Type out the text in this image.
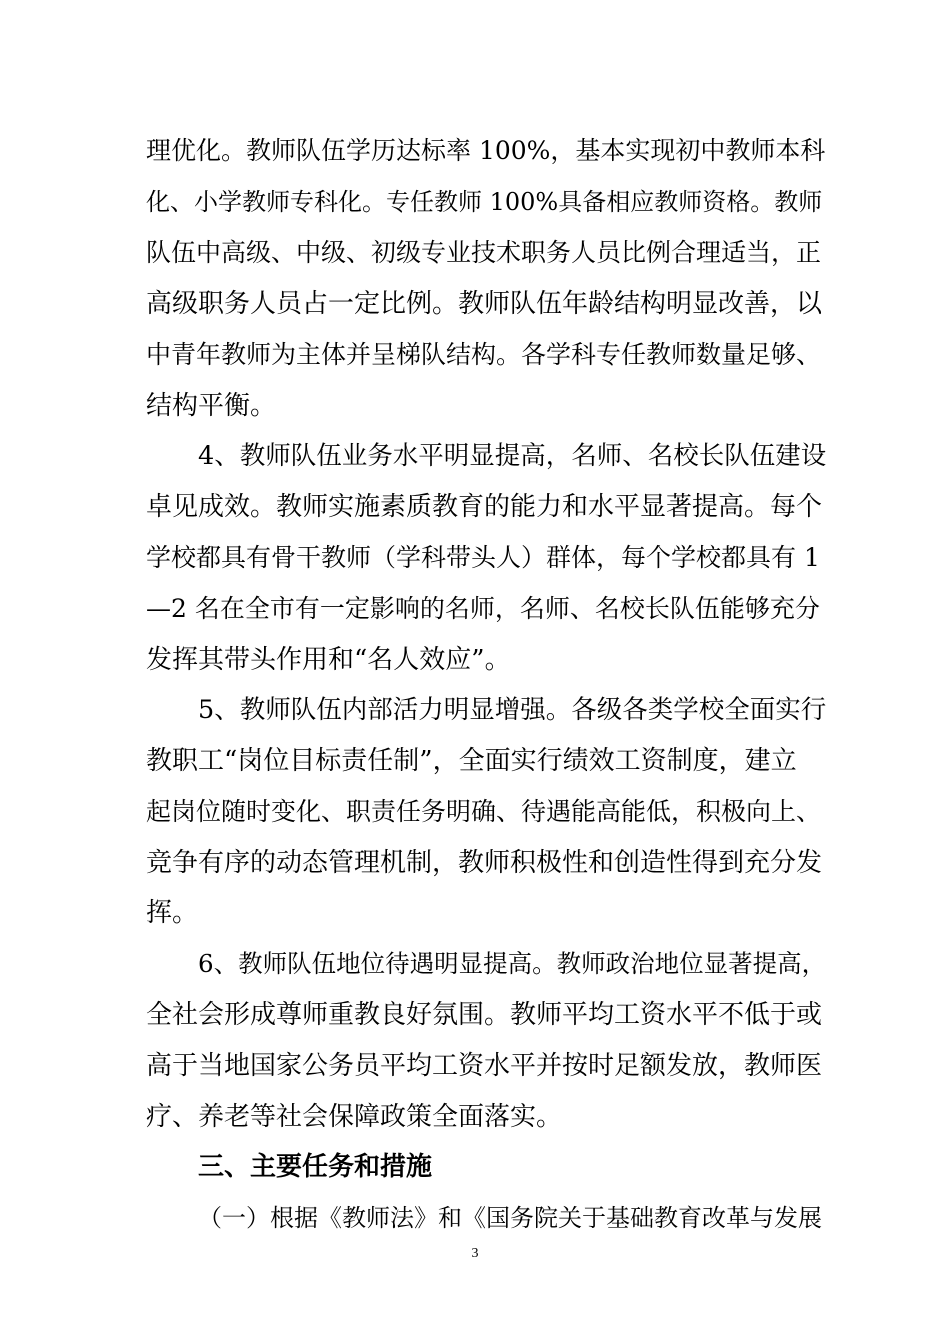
理优化。教师队伍学历达标率 100%，基本实现初中教师本科
化、小学教师专科化。专任教师 100%具备相应教师资格。教师
队伍中高级、中级、初级专业技术职务人员比例合理适当，正
高级职务人员占一定比例。教师队伍年龄结构明显改善，以
中青年教师为主体并呈梯队结构。各学科专任教师数量足够、
结构平衡。
4、教师队伍业务水平明显提高，名师、名校长队伍建设
卓见成效。教师实施素质教育的能力和水平显著提高。每个
学校都具有骨干教师（学科带头人）群体，每个学校都具有 1
—2 名在全市有一定影响的名师，名师、名校长队伍能够充分
发挥其带头作用和“名人效应”。
5、教师队伍内部活力明显增强。各级各类学校全面实行
教职工“岗位目标责任制”，全面实行绩效工资制度，建立
起岗位随时变化、职责任务明确、待遇能高能低，积极向上、
竞争有序的动态管理机制，教师积极性和创造性得到充分发
挥。
6、教师队伍地位待遇明显提高。教师政治地位显著提高，
全社会形成尊师重教良好氛围。教师平均工资水平不低于或
高于当地国家公务员平均工资水平并按时足额发放，教师医
疗、养老等社会保障政策全面落实。
三、主要任务和措施
（一）根据《教师法》和《国务院关于基础教育改革与发展
3
